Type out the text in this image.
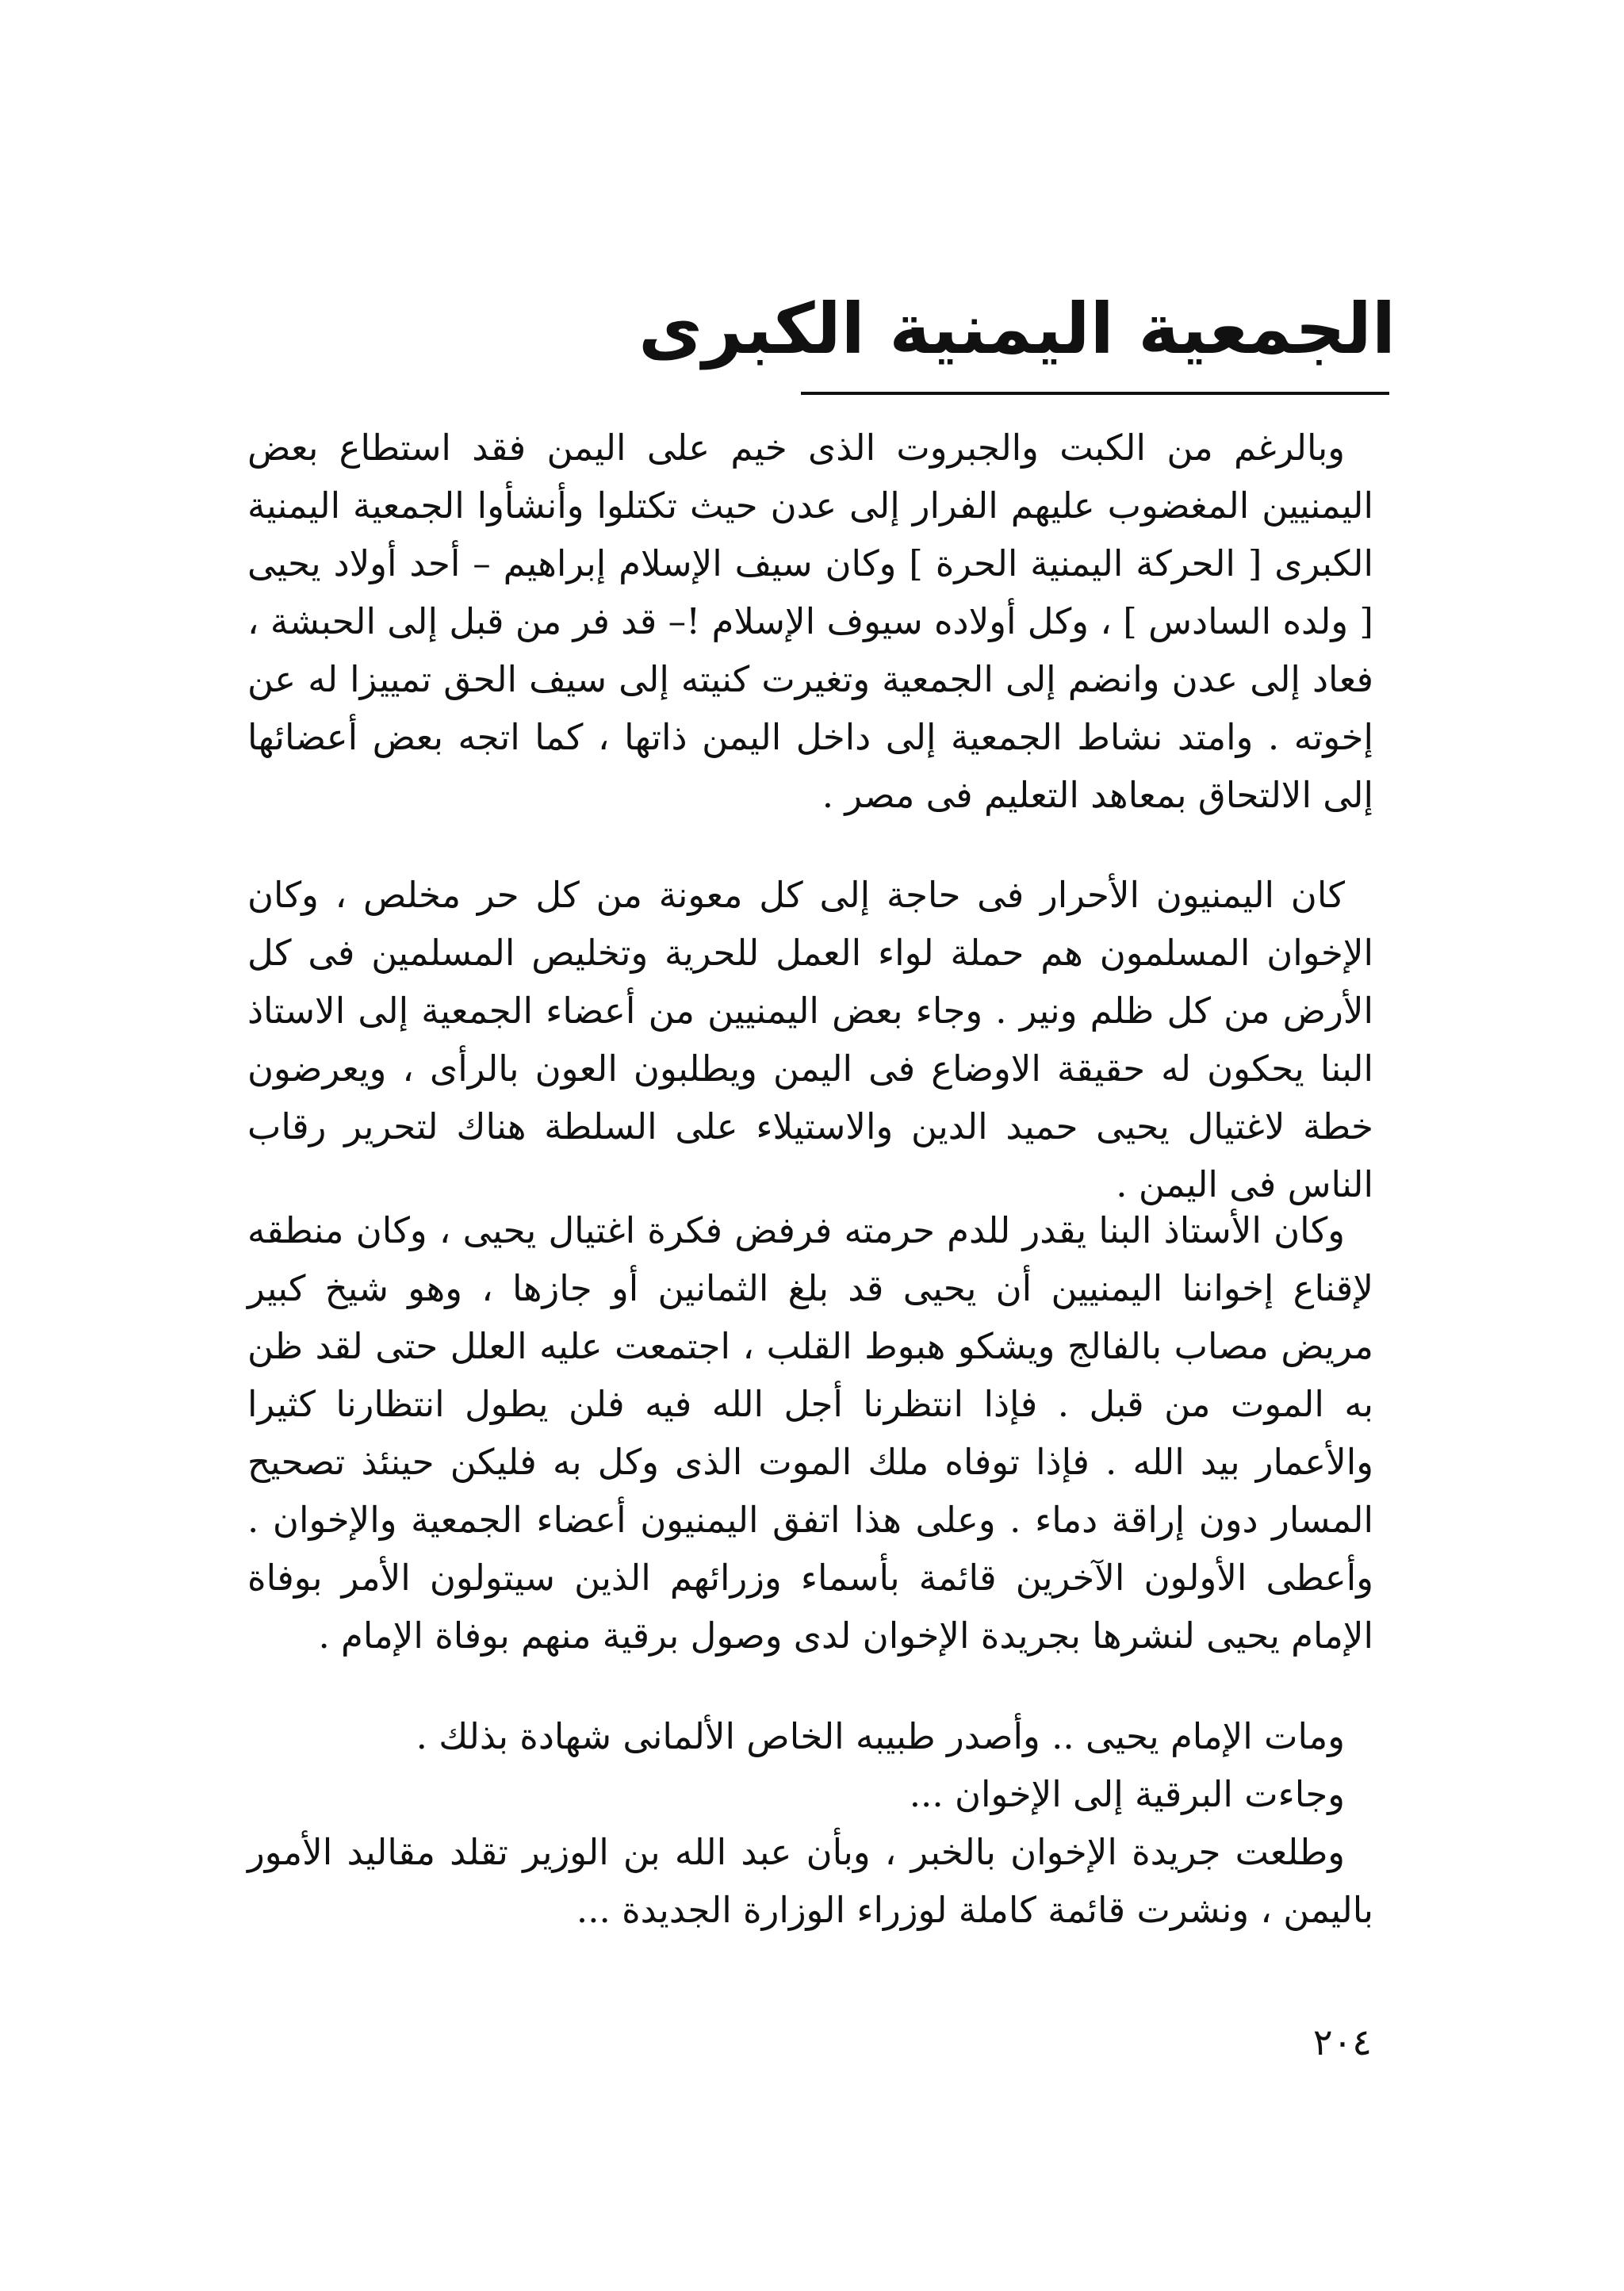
الجمعية اليمنية الكبرى

وبالرغم من الكبت والجبروت الذى خيم على اليمن فقد استطاع بعض اليمنيين المغضوب عليهم الفرار إلى عدن حيث تكتلوا وأنشأوا الجمعية اليمنية الكبرى [ الحركة اليمنية الحرة ] وكان سيف الإسلام إبراهيم – أحد أولاد يحيى [ ولده السادس ] ، وكل أولاده سيوف الإسلام !– قد فر من قبل إلى الحبشة ، فعاد إلى عدن وانضم إلى الجمعية وتغيرت كنيته إلى سيف الحق تمييزا له عن إخوته . وامتد نشاط الجمعية إلى داخل اليمن ذاتها ، كما اتجه بعض أعضائها إلى الالتحاق بمعاهد التعليم فى مصر .

كان اليمنيون الأحرار فى حاجة إلى كل معونة من كل حر مخلص ، وكان الإخوان المسلمون هم حملة لواء العمل للحرية وتخليص المسلمين فى كل الأرض من كل ظلم ونير . وجاء بعض اليمنيين من أعضاء الجمعية إلى الاستاذ البنا يحكون له حقيقة الاوضاع فى اليمن ويطلبون العون بالرأى ، ويعرضون خطة لاغتيال يحيى حميد الدين والاستيلاء على السلطة هناك لتحرير رقاب الناس فى اليمن .

وكان الأستاذ البنا يقدر للدم حرمته فرفض فكرة اغتيال يحيى ، وكان منطقه لإقناع إخواننا اليمنيين أن يحيى قد بلغ الثمانين أو جازها ، وهو شيخ كبير مريض مصاب بالفالج ويشكو هبوط القلب ، اجتمعت عليه العلل حتى لقد ظن به الموت من قبل . فإذا انتظرنا أجل الله فيه فلن يطول انتظارنا كثيرا والأعمار بيد الله . فإذا توفاه ملك الموت الذى وكل به فليكن حينئذ تصحيح المسار دون إراقة دماء . وعلى هذا اتفق اليمنيون أعضاء الجمعية والإخوان . وأعطى الأولون الآخرين قائمة بأسماء وزرائهم الذين سيتولون الأمر بوفاة الإمام يحيى لنشرها بجريدة الإخوان لدى وصول برقية منهم بوفاة الإمام .

ومات الإمام يحيى .. وأصدر طبيبه الخاص الألمانى شهادة بذلك .
وجاءت البرقية إلى الإخوان ...

وطلعت جريدة الإخوان بالخبر ، وبأن عبد الله بن الوزير تقلد مقاليد الأمور باليمن ، ونشرت قائمة كاملة لوزراء الوزارة الجديدة ...

٢٠٤
